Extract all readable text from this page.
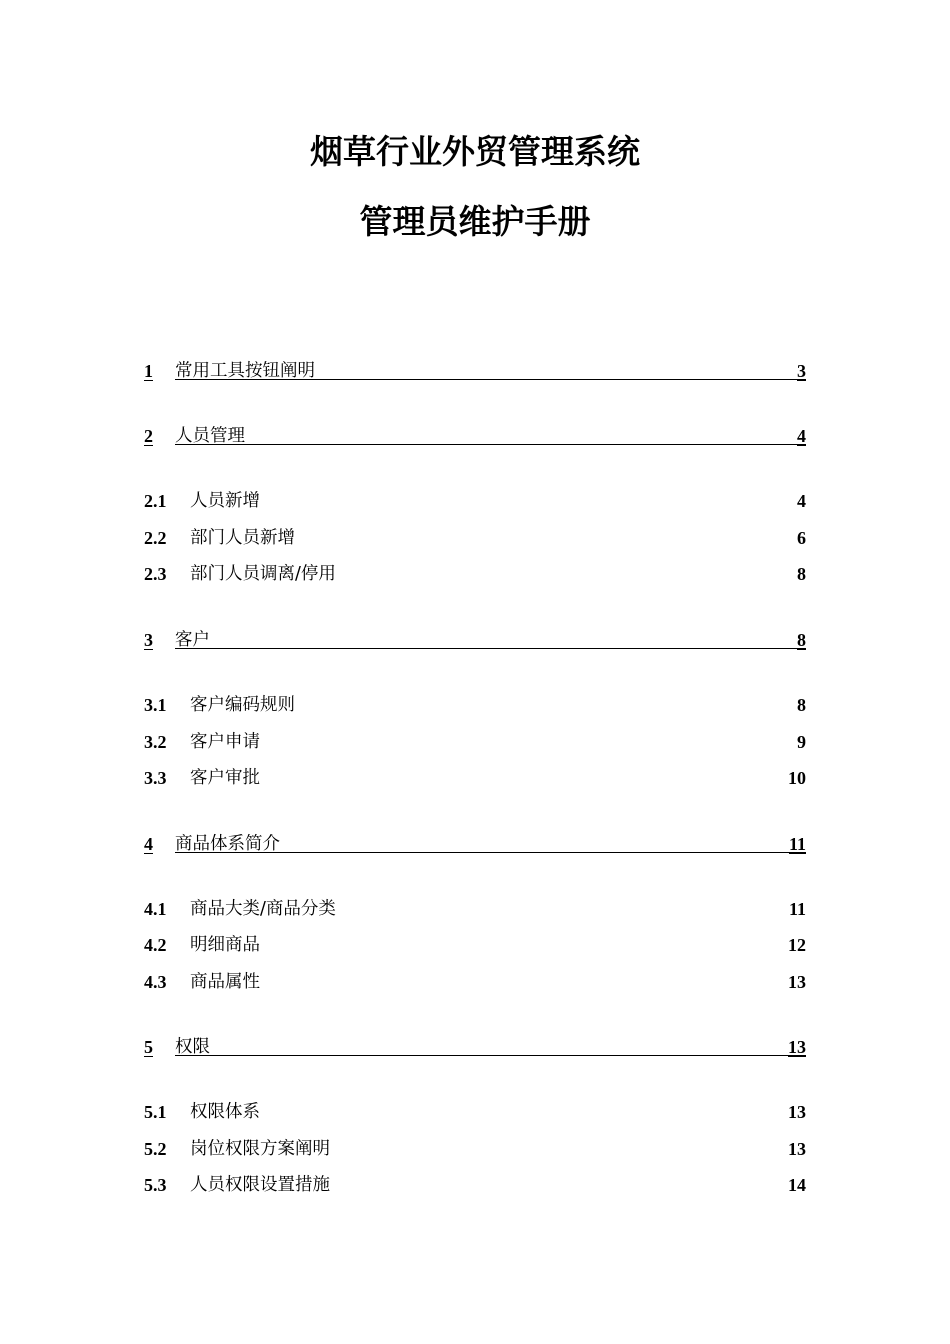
烟草行业外贸管理系统
管理员维护手册
1 常用工具按钮阐明	3
2 人员管理	4
2.1 人员新增	4
2.2 部门人员新增	6
2.3 部门人员调离/停用	8
3 客户	8
3.1 客户编码规则	8
3.2 客户申请	9
3.3 客户审批	10
4 商品体系简介	11
4.1 商品大类/商品分类	11
4.2 明细商品	12
4.3 商品属性	13
5 权限	13
5.1 权限体系	13
5.2 岗位权限方案阐明	13
5.3 人员权限设置措施	14
